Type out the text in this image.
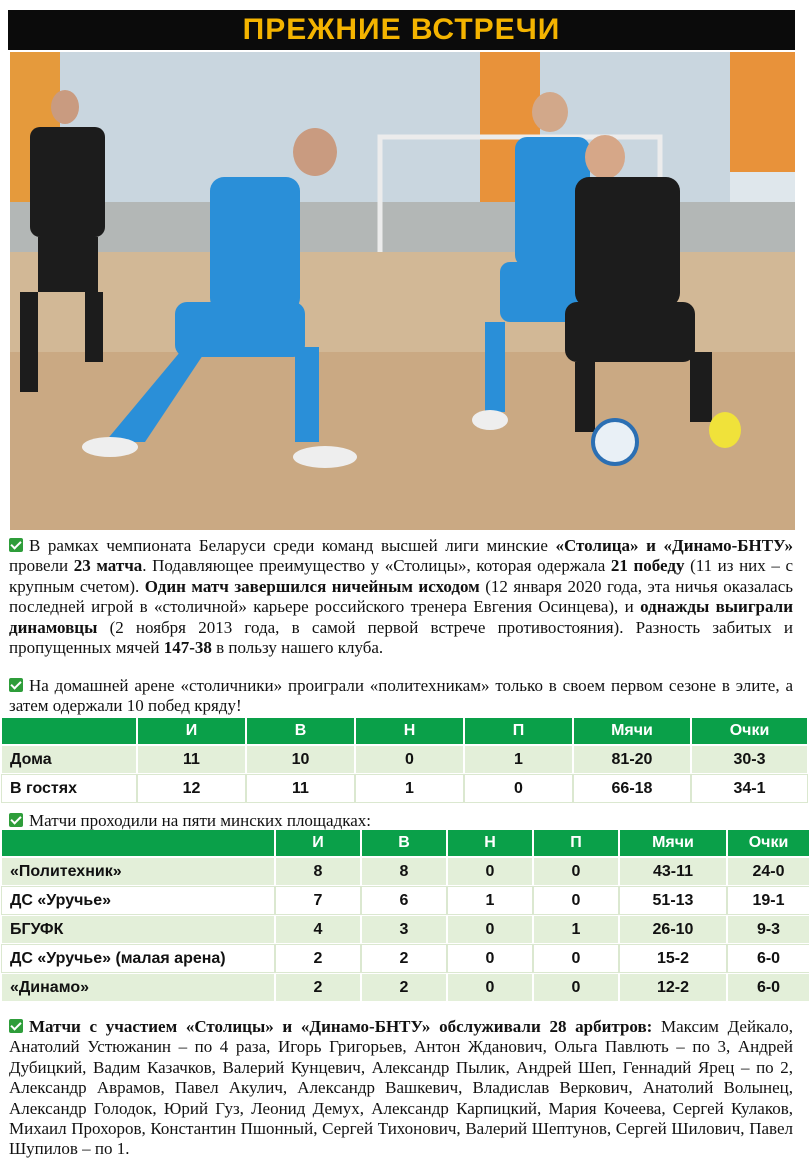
ПРЕЖНИЕ ВСТРЕЧИ

В рамках чемпионата Беларуси среди команд высшей лиги минские «Столица» и «Динамо-БНТУ» провели 23 матча. Подавляющее преимущество у «Столицы», которая одержала 21 победу (11 из них – с крупным счетом). Один матч завершился ничейным исходом (12 января 2020 года, эта ничья оказалась последней игрой в «столичной» карьере российского тренера Евгения Осинцева), и однажды выиграли динамовцы (2 ноября 2013 года, в самой первой встрече противостояния). Разность забитых и пропущенных мячей 147-38 в пользу нашего клуба.

На домашней арене «столичники» проиграли «политехникам» только в своем первом сезоне в элите, а затем одержали 10 побед кряду!

	И	В	Н	П	Мячи	Очки
Дома	11	10	0	1	81-20	30-3
В гостях	12	11	1	0	66-18	34-1

Матчи проходили на пяти минских площадках:

	И	В	Н	П	Мячи	Очки
«Политехник»	8	8	0	0	43-11	24-0
ДС «Уручье»	7	6	1	0	51-13	19-1
БГУФК	4	3	0	1	26-10	9-3
ДС «Уручье» (малая арена)	2	2	0	0	15-2	6-0
«Динамо»	2	2	0	0	12-2	6-0

Матчи с участием «Столицы» и «Динамо-БНТУ» обслуживали 28 арбитров: Максим Дейкало, Анатолий Устюжанин – по 4 раза, Игорь Григорьев, Антон Жданович, Ольга Павлють – по 3, Андрей Дубицкий, Вадим Казачков, Валерий Кунцевич, Александр Пылик, Андрей Шеп, Геннадий Ярец – по 2, Александр Аврамов, Павел Акулич, Александр Вашкевич, Владислав Веркович, Анатолий Волынец, Александр Голодок, Юрий Гуз, Леонид Демух, Александр Карпицкий, Мария Кочеева, Сергей Кулаков, Михаил Прохоров, Константин Пшонный, Сергей Тихонович, Валерий Шептунов, Сергей Шилович, Павел Шупилов – по 1.
